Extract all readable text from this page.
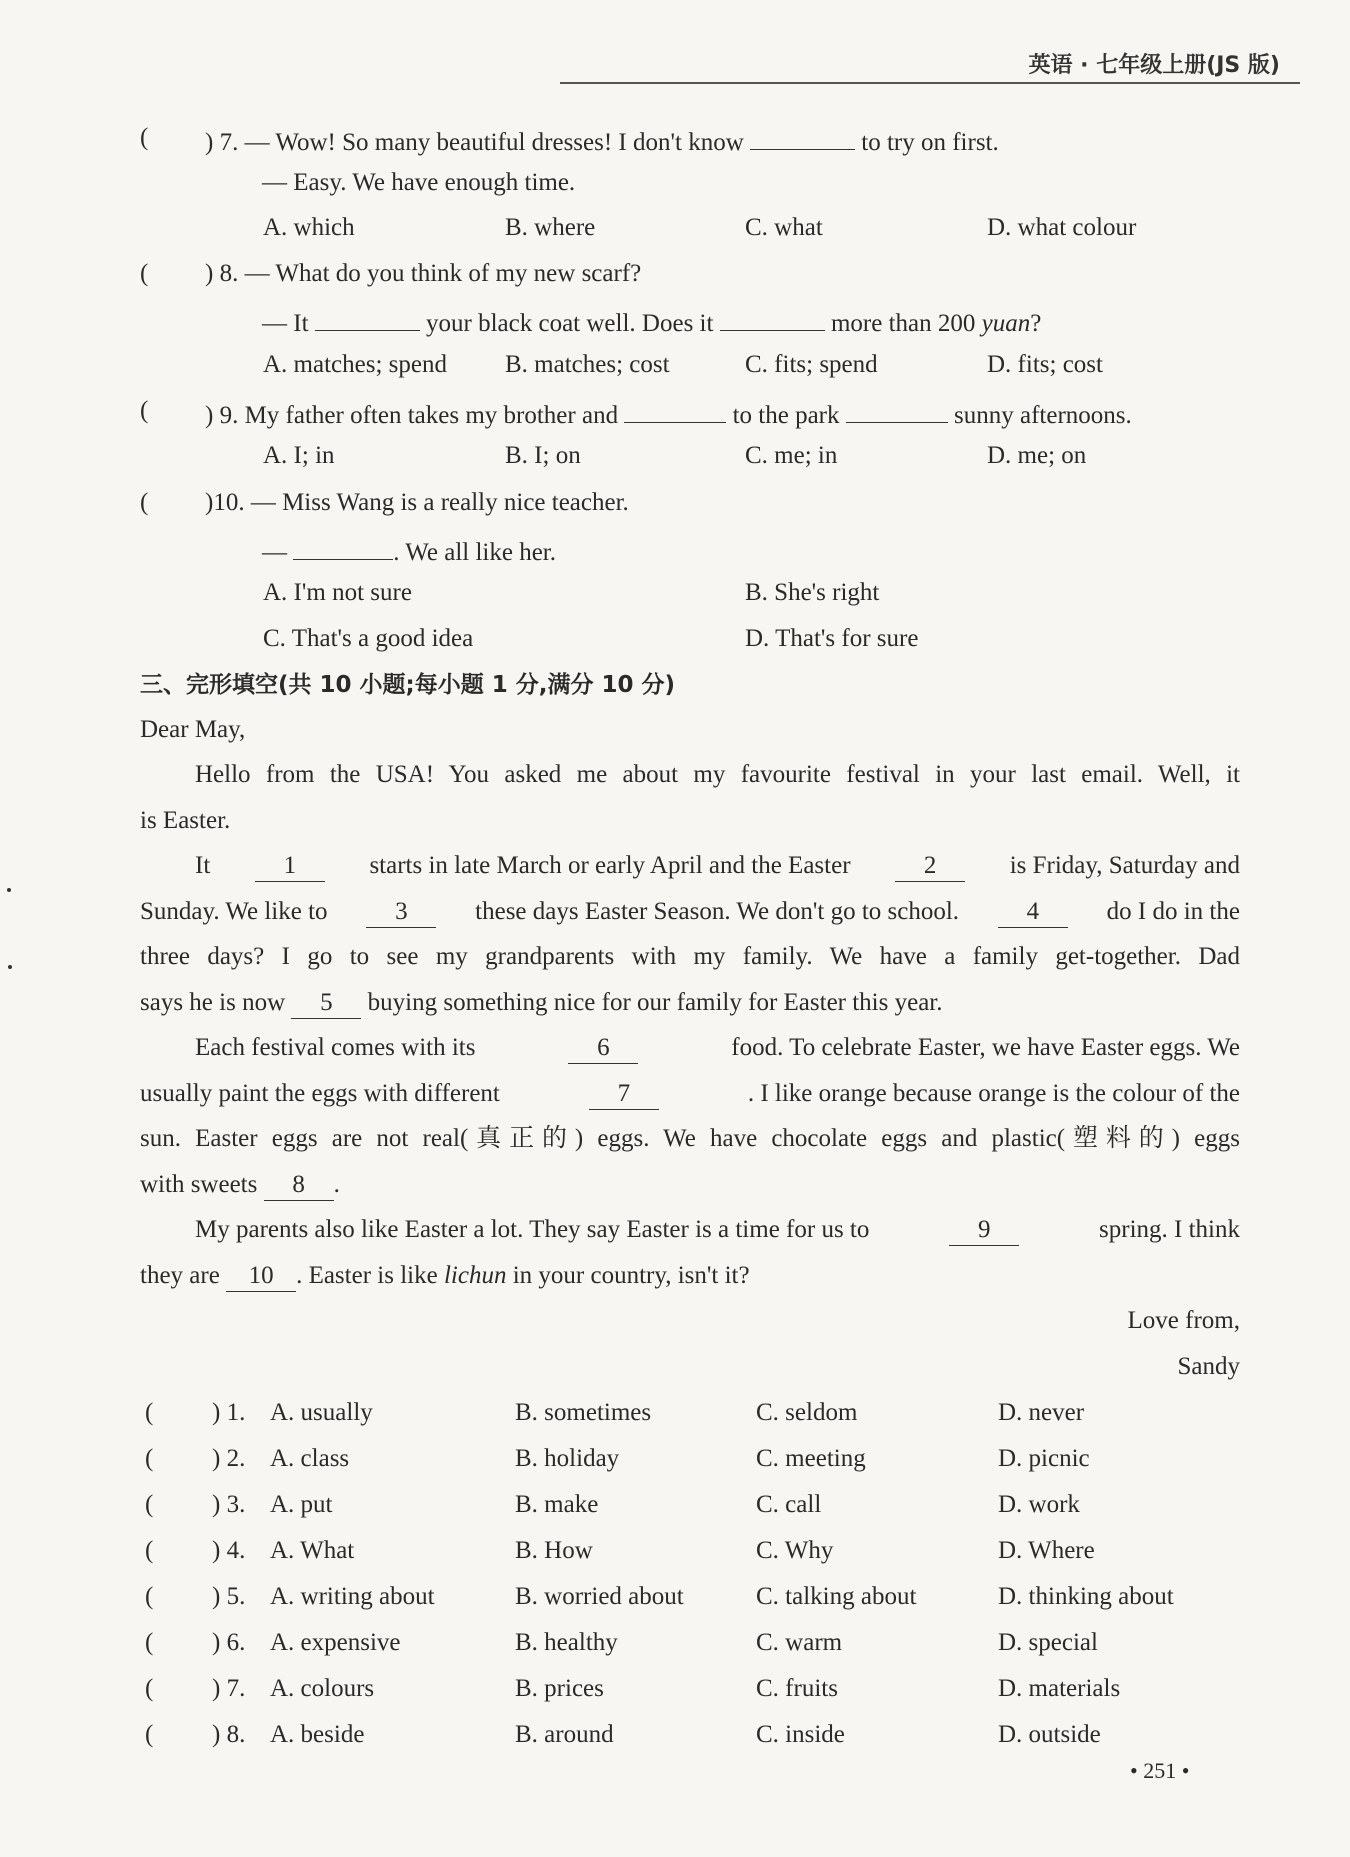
英语 · 七年级上册(JS 版)
( ) 7. — Wow! So many beautiful dresses! I don't know	to try on first.
— Easy. We have enough time.
A. which	B. where	C. what	D. what colour
( ) 8. — What do you think of my new scarf?
— It	your black coat well. Does it	more than 200 yuan?
A. matches; spend B. matches; cost	C. fits; spend	D. fits; cost
( ) 9. My father often takes my brother and	to the park	sunny afternoons.
A. I; in	B. I; on	C. me; in	D. me; on
( )10. — Miss Wang is a really nice teacher.
—	. We all like her.
A. I'm not sure	B. She's right
C. That's a good idea	D. That's for sure
三、完形填空(共 10 小题;每小题 1 分,满分 10 分)
Dear May,
Hello from the USA! You asked me about my favourite festival in your last email. Well, it
is Easter.
It	1	starts in late March or early April and the Easter	2	is Friday, Saturday and
Sunday. We like to	3	these days Easter Season. We don't go to school.	4	do I do in the
three days? I go to see my grandparents with my family. We have a family get-together. Dad
says he is now 5 buying something nice for our family for Easter this year.
Each festival comes with its	6	food. To celebrate Easter, we have Easter eggs. We
usually paint the eggs with different	7	. I like orange because orange is the colour of the
sun. Easter eggs are not real(真正的) eggs. We have chocolate eggs and plastic(塑料的) eggs
with sweets 8 .
My parents also like Easter a lot. They say Easter is a time for us to	9	spring. I think
they are 10 . Easter is like lichun in your country, isn't it?
Love from,
Sandy
( ) 1. A. usually	B. sometimes	C. seldom	D. never
( ) 2. A. class	B. holiday	C. meeting	D. picnic
( ) 3. A. put	B. make	C. call	D. work
( ) 4. A. What	B. How	C. Why	D. Where
( ) 5. A. writing about	B. worried about	C. talking about	D. thinking about
( ) 6. A. expensive	B. healthy	C. warm	D. special
( ) 7. A. colours	B. prices	C. fruits	D. materials
( ) 8. A. beside	B. around	C. inside	D. outside
• 251 •
